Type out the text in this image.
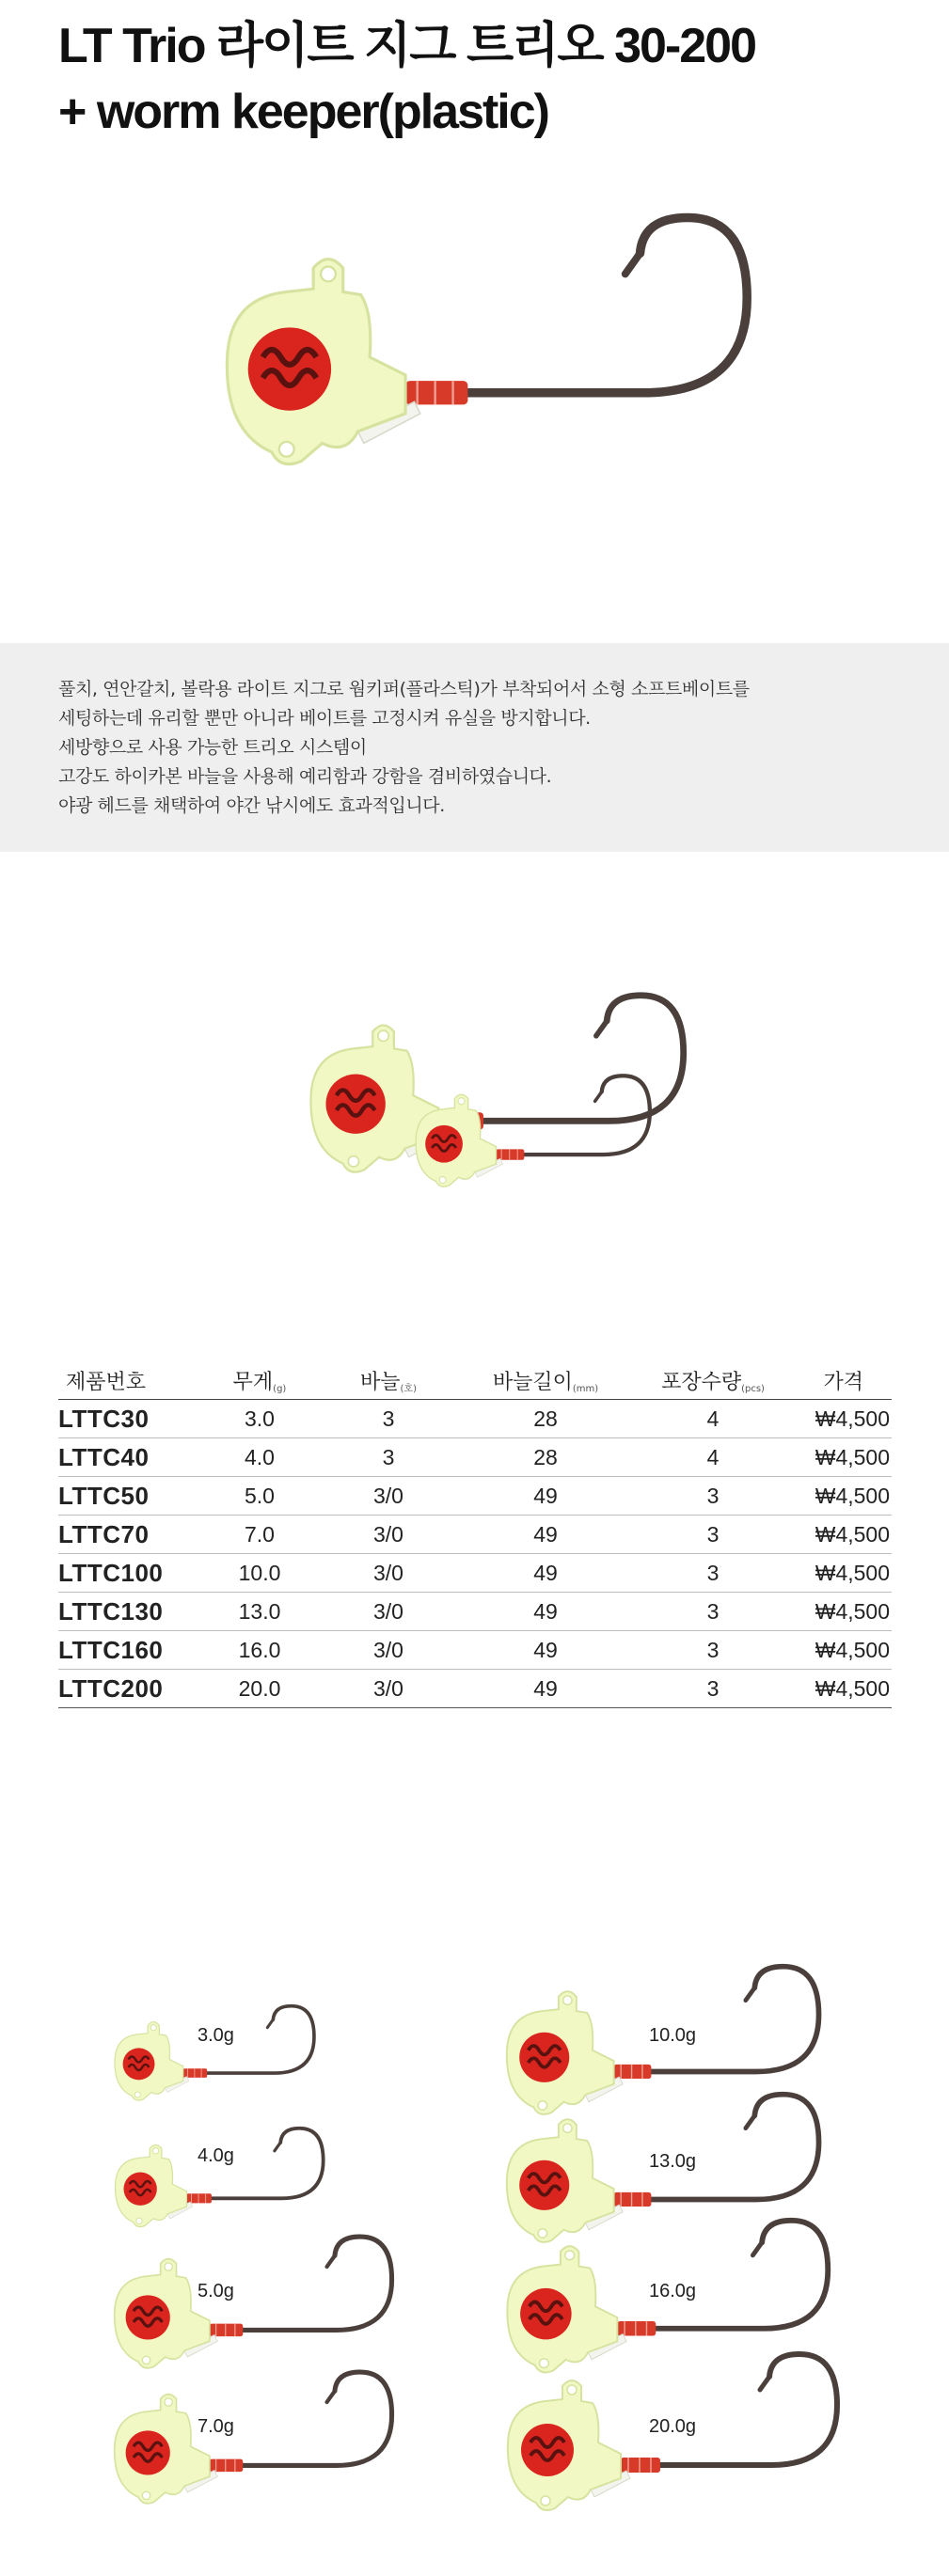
LT Trio 라이트 지그 트리오 30-200
+ worm keeper(plastic)
풀치, 연안갈치, 볼락용 라이트 지그로 웜키퍼(플라스틱)가 부착되어서 소형 소프트베이트를
세팅하는데 유리할 뿐만 아니라 베이트를 고정시켜 유실을 방지합니다.
세방향으로 사용 가능한 트리오 시스템이
고강도 하이카본 바늘을 사용해 예리함과 강함을 겸비하였습니다.
야광 헤드를 채택하여 야간 낚시에도 효과적입니다.
제품번호	무게(g)	바늘(호)	바늘길이(mm)	포장수량(pcs)	가격
LTTC30	3.0	3	28	4	₩4,500
LTTC40	4.0	3	28	4	₩4,500
LTTC50	5.0	3/0	49	3	₩4,500
LTTC70	7.0	3/0	49	3	₩4,500
LTTC100	10.0	3/0	49	3	₩4,500
LTTC130	13.0	3/0	49	3	₩4,500
LTTC160	16.0	3/0	49	3	₩4,500
LTTC200	20.0	3/0	49	3	₩4,500
3.0g
4.0g
5.0g
7.0g
10.0g
13.0g
16.0g
20.0g
